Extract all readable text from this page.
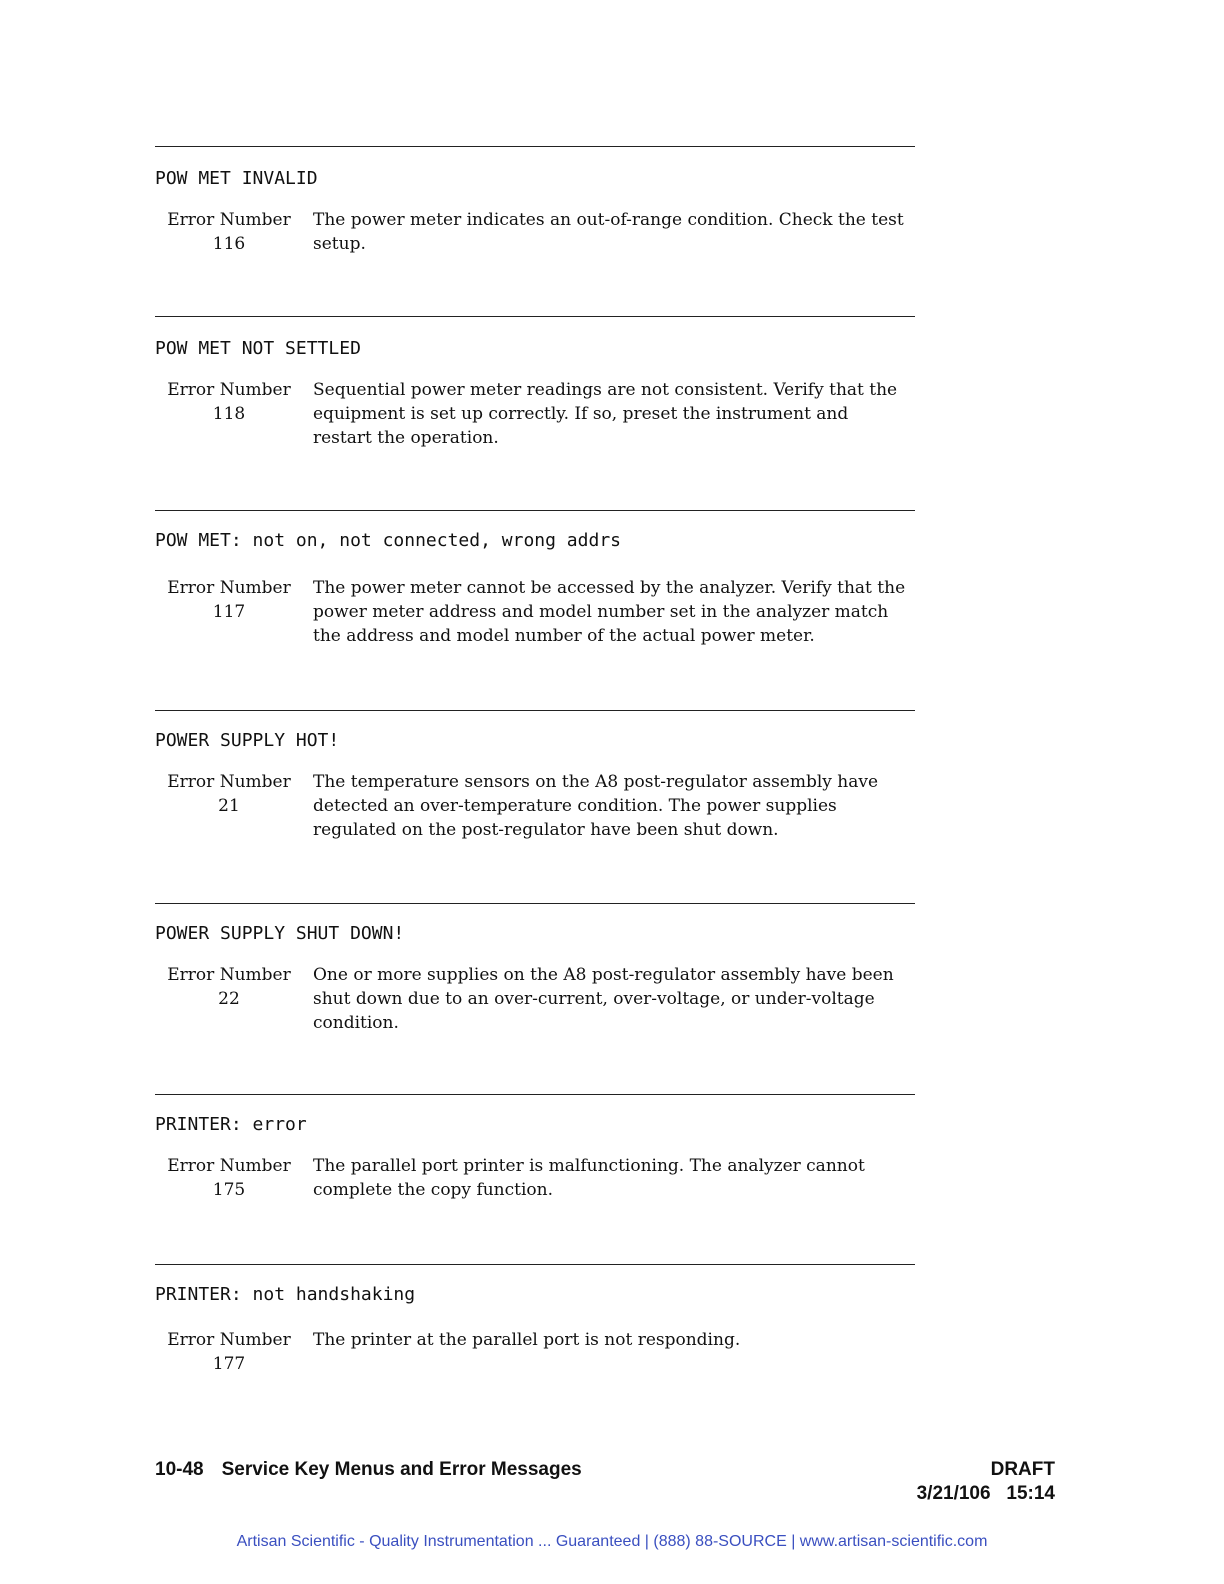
POW MET INVALID
Error Number
116
The power meter indicates an out-of-range condition. Check the test setup.
POW MET NOT SETTLED
Error Number
118
Sequential power meter readings are not consistent. Verify that the equipment is set up correctly. If so, preset the instrument and restart the operation.
POW MET: not on, not connected, wrong addrs
Error Number
117
The power meter cannot be accessed by the analyzer. Verify that the power meter address and model number set in the analyzer match the address and model number of the actual power meter.
POWER SUPPLY HOT!
Error Number
21
The temperature sensors on the A8 post-regulator assembly have detected an over-temperature condition. The power supplies regulated on the post-regulator have been shut down.
POWER SUPPLY SHUT DOWN!
Error Number
22
One or more supplies on the A8 post-regulator assembly have been shut down due to an over-current, over-voltage, or under-voltage condition.
PRINTER: error
Error Number
175
The parallel port printer is malfunctioning. The analyzer cannot complete the copy function.
PRINTER: not handshaking
Error Number
177
The printer at the parallel port is not responding.
10-48 Service Key Menus and Error Messages	DRAFT
3/21/106   15:14
Artisan Scientific - Quality Instrumentation ... Guaranteed | (888) 88-SOURCE | www.artisan-scientific.com
